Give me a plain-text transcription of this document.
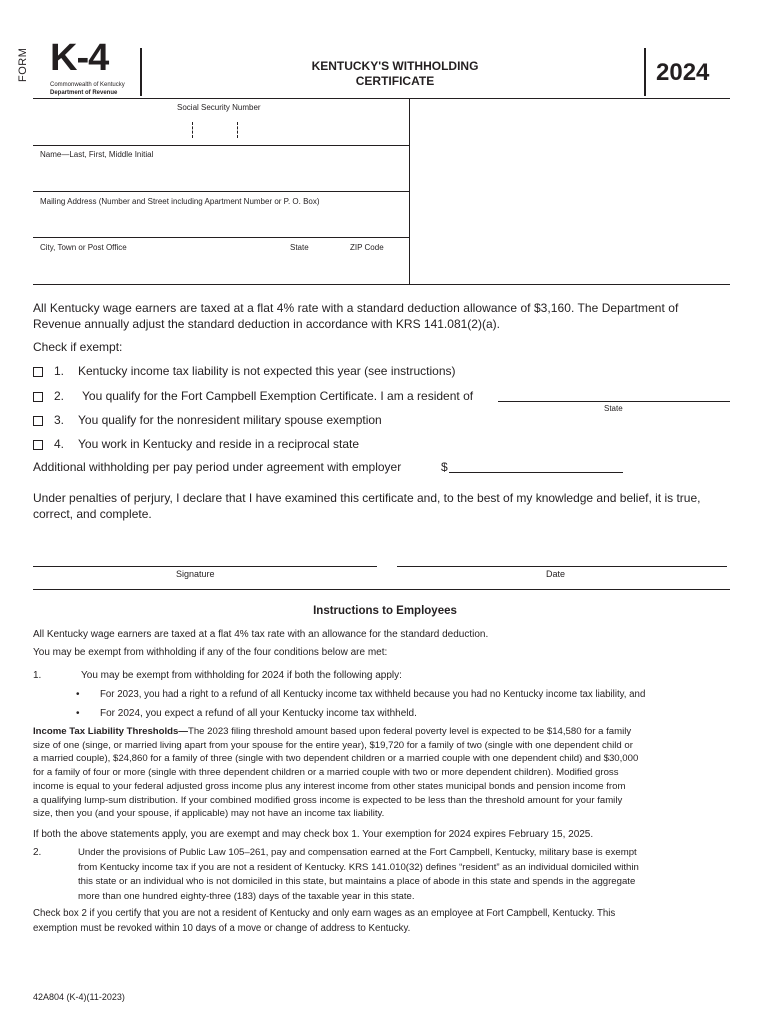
FORM K-4
Commonwealth of Kentucky
Department of Revenue
KENTUCKY'S WITHHOLDING
CERTIFICATE	2024
Social Security Number
Name—Last, First, Middle Initial
Mailing Address (Number and Street including Apartment Number or P. O. Box)
City, Town or Post Office	State	ZIP Code
All Kentucky wage earners are taxed at a flat 4% rate with a standard deduction allowance of $3,160. The Department of
Revenue annually adjust the standard deduction in accordance with KRS 141.081(2)(a).
Check if exempt:
1. Kentucky income tax liability is not expected this year (see instructions)
2. You qualify for the Fort Campbell Exemption Certificate. I am a resident of
State
3. You qualify for the nonresident military spouse exemption
4. You work in Kentucky and reside in a reciprocal state
Additional withholding per pay period under agreement with employer	$
Under penalties of perjury, I declare that I have examined this certificate and, to the best of my knowledge and belief, it is true,
correct, and complete.
Signature	Date
Instructions to Employees
All Kentucky wage earners are taxed at a flat 4% tax rate with an allowance for the standard deduction.
You may be exempt from withholding if any of the four conditions below are met:
1.	You may be exempt from withholding for 2024 if both the following apply:
• For 2023, you had a right to a refund of all Kentucky income tax withheld because you had no Kentucky income tax liability, and
• For 2024, you expect a refund of all your Kentucky income tax withheld.
Income Tax Liability Thresholds—The 2023 filing threshold amount based upon federal poverty level is expected to be $14,580 for a family
size of one (singe, or married living apart from your spouse for the entire year), $19,720 for a family of two (single with one dependent child or
a married couple), $24,860 for a family of three (single with two dependent children or a married couple with one dependent child) and $30,000
for a family of four or more (single with three dependent children or a married couple with two or more dependent children). Modified gross
income is equal to your federal adjusted gross income plus any interest income from other states municipal bonds and pension income from
a qualifying lump-sum distribution. If your combined modified gross income is expected to be less than the threshold amount for your family
size, then you (and your spouse, if applicable) may not have an income tax liability.
If both the above statements apply, you are exempt and may check box 1. Your exemption for 2024 expires February 15, 2025.
2.	Under the provisions of Public Law 105–261, pay and compensation earned at the Fort Campbell, Kentucky, military base is exempt
from Kentucky income tax if you are not a resident of Kentucky. KRS 141.010(32) defines “resident” as an individual domiciled within
this state or an individual who is not domiciled in this state, but maintains a place of abode in this state and spends in the aggregate
more than one hundred eighty-three (183) days of the taxable year in this state.
Check box 2 if you certify that you are not a resident of Kentucky and only earn wages as an employee at Fort Campbell, Kentucky. This
exemption must be revoked within 10 days of a move or change of address to Kentucky.
42A804 (K-4)(11-2023)
